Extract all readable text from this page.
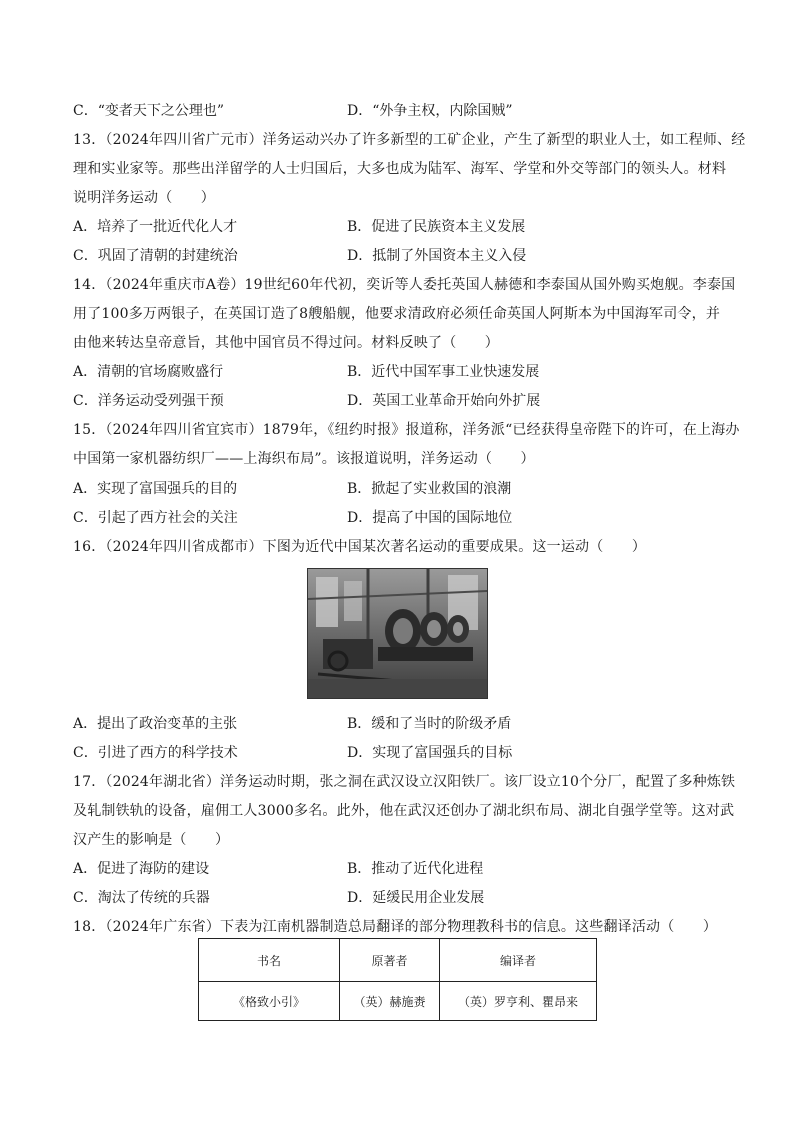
C．“变者天下之公理也”	D．“外争主权，内除国贼”
13．（2024年四川省广元市）洋务运动兴办了许多新型的工矿企业，产生了新型的职业人士，如工程师、经
理和实业家等。那些出洋留学的人士归国后，大多也成为陆军、海军、学堂和外交等部门的领头人。材料
说明洋务运动（　　）
A．培养了一批近代化人才	B．促进了民族资本主义发展
C．巩固了清朝的封建统治	D．抵制了外国资本主义入侵
14．（2024年重庆市A卷）19世纪60年代初，奕䜣等人委托英国人赫德和李泰国从国外购买炮舰。李泰国
用了100多万两银子，在英国订造了8艘船舰，他要求清政府必须任命英国人阿斯本为中国海军司令，并
由他来转达皇帝意旨，其他中国官员不得过问。材料反映了（　　）
A．清朝的官场腐败盛行	B．近代中国军事工业快速发展
C．洋务运动受列强干预	D．英国工业革命开始向外扩展
15．（2024年四川省宜宾市）1879年，《纽约时报》报道称，洋务派“已经获得皇帝陛下的许可，在上海办
中国第一家机器纺织厂——上海织布局”。该报道说明，洋务运动（　　）
A．实现了富国强兵的目的	B．掀起了实业救国的浪潮
C．引起了西方社会的关注	D．提高了中国的国际地位
16．（2024年四川省成都市）下图为近代中国某次著名运动的重要成果。这一运动（　　）
A．提出了政治变革的主张	B．缓和了当时的阶级矛盾
C．引进了西方的科学技术	D．实现了富国强兵的目标
17．（2024年湖北省）洋务运动时期，张之洞在武汉设立汉阳铁厂。该厂设立10个分厂，配置了多种炼铁
及轧制铁轨的设备，雇佣工人3000多名。此外，他在武汉还创办了湖北织布局、湖北自强学堂等。这对武
汉产生的影响是（　　）
A．促进了海防的建设	B．推动了近代化进程
C．淘汰了传统的兵器	D．延缓民用企业发展
18．（2024年广东省）下表为江南机器制造总局翻译的部分物理教科书的信息。这些翻译活动（　　）
书名	原著者	编译者
《格致小引》	（英）赫施赉	（英）罗亨利、瞿昂来
